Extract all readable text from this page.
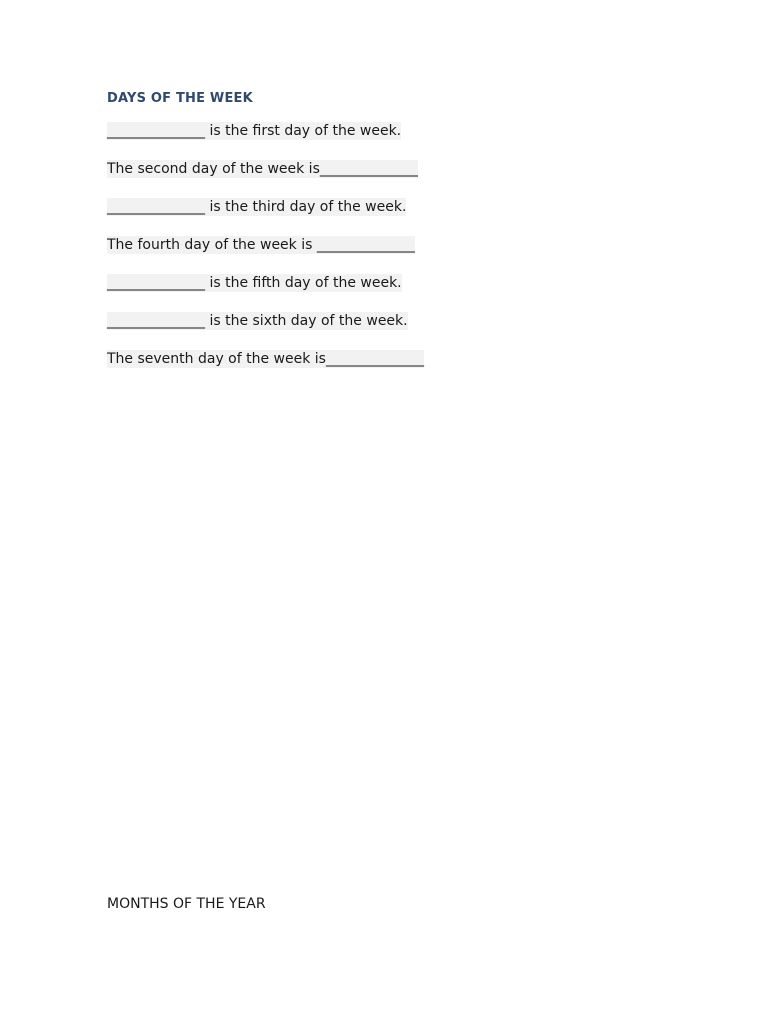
DAYS OF THE WEEK

______________ is the first day of the week.

The second day of the week is______________

______________ is the third day of the week.

The fourth day of the week is ______________

______________ is the fifth day of the week.

______________ is the sixth day of the week.

The seventh day of the week is______________

MONTHS OF THE YEAR
